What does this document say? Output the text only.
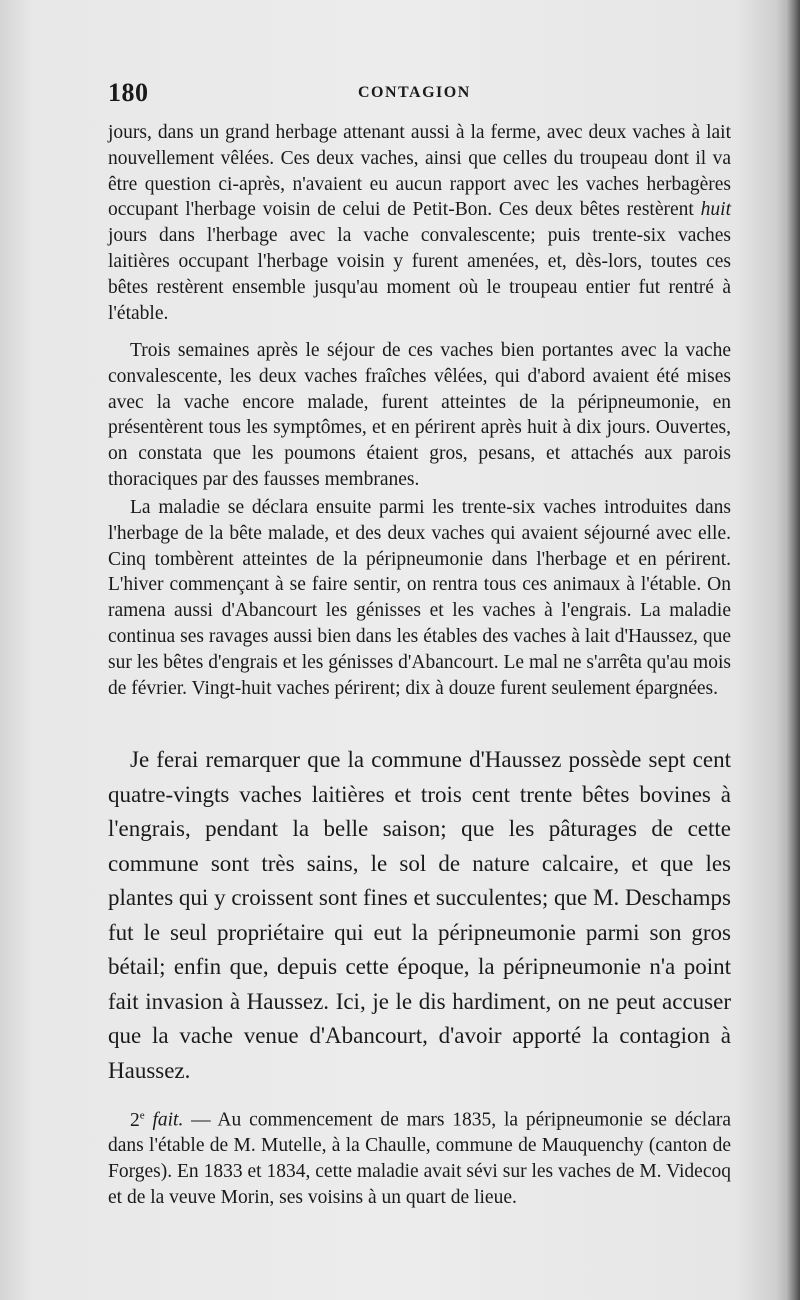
180	CONTAGION

jours, dans un grand herbage attenant aussi à la ferme, avec deux vaches à lait nouvellement vêlées. Ces deux vaches, ainsi que celles du troupeau dont il va être question ci-après, n'avaient eu aucun rapport avec les vaches herbagères occupant l'herbage voisin de celui de Petit-Bon. Ces deux bêtes restèrent huit jours dans l'herbage avec la vache convalescente; puis trente-six vaches laitières occupant l'herbage voisin y furent amenées, et, dès-lors, toutes ces bêtes restèrent ensemble jusqu'au moment où le troupeau entier fut rentré à l'étable.

Trois semaines après le séjour de ces vaches bien portantes avec la vache convalescente, les deux vaches fraîches vêlées, qui d'abord avaient été mises avec la vache encore malade, furent atteintes de la péripneumonie, en présentèrent tous les symptômes, et en périrent après huit à dix jours. Ouvertes, on constata que les poumons étaient gros, pesans, et attachés aux parois thoraciques par des fausses membranes.

La maladie se déclara ensuite parmi les trente-six vaches introduites dans l'herbage de la bête malade, et des deux vaches qui avaient séjourné avec elle. Cinq tombèrent atteintes de la péripneumonie dans l'herbage et en périrent. L'hiver commençant à se faire sentir, on rentra tous ces animaux à l'étable. On ramena aussi d'Abancourt les génisses et les vaches à l'engrais. La maladie continua ses ravages aussi bien dans les étables des vaches à lait d'Haussez, que sur les bêtes d'engrais et les génisses d'Abancourt. Le mal ne s'arrêta qu'au mois de février. Vingt-huit vaches périrent; dix à douze furent seulement épargnées.

Je ferai remarquer que la commune d'Haussez possède sept cent quatre-vingts vaches laitières et trois cent trente bêtes bovines à l'engrais, pendant la belle saison; que les pâturages de cette commune sont très sains, le sol de nature calcaire, et que les plantes qui y croissent sont fines et succulentes; que M. Deschamps fut le seul propriétaire qui eut la péripneumonie parmi son gros bétail; enfin que, depuis cette époque, la péripneumonie n'a point fait invasion à Haussez. Ici, je le dis hardiment, on ne peut accuser que la vache venue d'Abancourt, d'avoir apporté la contagion à Haussez.

2e fait. — Au commencement de mars 1835, la péripneumonie se déclara dans l'étable de M. Mutelle, à la Chaulle, commune de Mauquenchy (canton de Forges). En 1833 et 1834, cette maladie avait sévi sur les vaches de M. Videcoq et de la veuve Morin, ses voisins à un quart de lieue.
